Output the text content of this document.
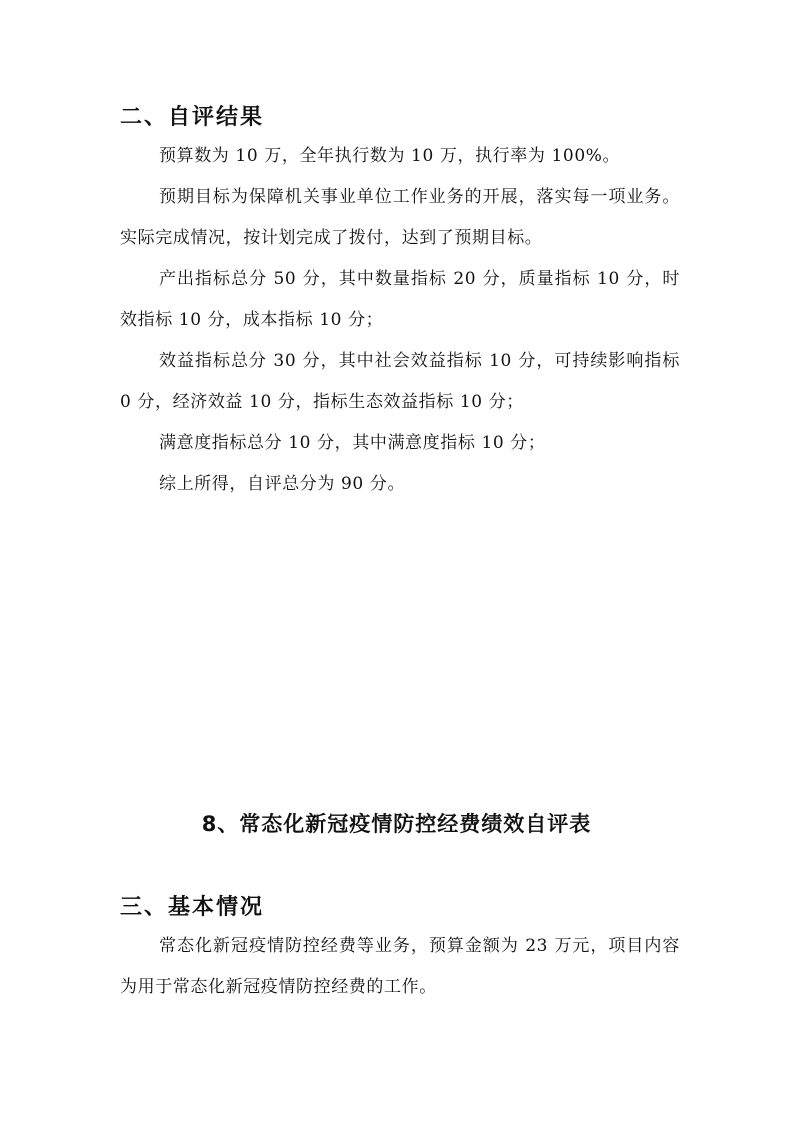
二、自评结果

预算数为 10 万，全年执行数为 10 万，执行率为 100%。

预期目标为保障机关事业单位工作业务的开展，落实每一项业务。实际完成情况，按计划完成了拨付，达到了预期目标。

产出指标总分 50 分，其中数量指标 20 分，质量指标 10 分，时效指标 10 分，成本指标 10 分；

效益指标总分 30 分，其中社会效益指标 10 分，可持续影响指标 0 分，经济效益 10 分，指标生态效益指标 10 分；

满意度指标总分 10 分，其中满意度指标 10 分；

综上所得，自评总分为 90 分。

8、常态化新冠疫情防控经费绩效自评表
三、基本情况

常态化新冠疫情防控经费等业务，预算金额为 23 万元，项目内容为用于常态化新冠疫情防控经费的工作。
